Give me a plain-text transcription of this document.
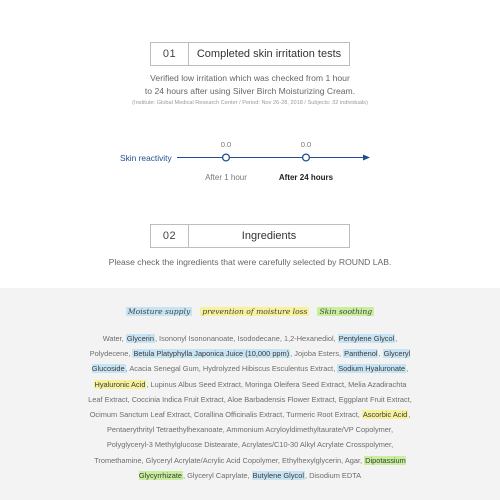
01	Completed skin irritation tests
Verified low irritation which was checked from 1 hour
to 24 hours after using Silver Birch Moisturizing Cream.
(Institute: Global Medical Research Center / Period: Nov 26-28, 2018 / Subjects: 32 individuals)
Skin reactivity
0.0
After 1 hour
0.0
After 24 hours
02	Ingredients
Please check the ingredients that were carefully selected by ROUND LAB.
Moisture supply prevention of moisture loss Skin soothing
Water, Glycerin, Isononyl Isononanoate, Isododecane, 1,2-Hexanediol, Pentylene Glycol, Polydecene, Betula Platyphylla Japonica Juice (10,000 ppm), Jojoba Esters, Panthenol, Glyceryl Glucoside, Acacia Senegal Gum, Hydrolyzed Hibiscus Esculentus Extract, Sodium Hyaluronate, Hyaluronic Acid, Lupinus Albus Seed Extract, Moringa Oleifera Seed Extract, Melia Azadirachta Leaf Extract, Coccinia Indica Fruit Extract, Aloe Barbadensis Flower Extract, Eggplant Fruit Extract, Ocimum Sanctum Leaf Extract, Corallina Officinalis Extract, Turmeric Root Extract, Ascorbic Acid, Pentaerythrityl Tetraethylhexanoate, Ammonium Acryloyldimethyltaurate/VP Copolymer, Polyglyceryl-3 Methylglucose Distearate, Acrylates/C10-30 Alkyl Acrylate Crosspolymer, Tromethamine, Glyceryl Acrylate/Acrylic Acid Copolymer, Ethylhexylglycerin, Agar, Dipotassium Glycyrrhizate, Glyceryl Caprylate, Butylene Glycol, Disodium EDTA
